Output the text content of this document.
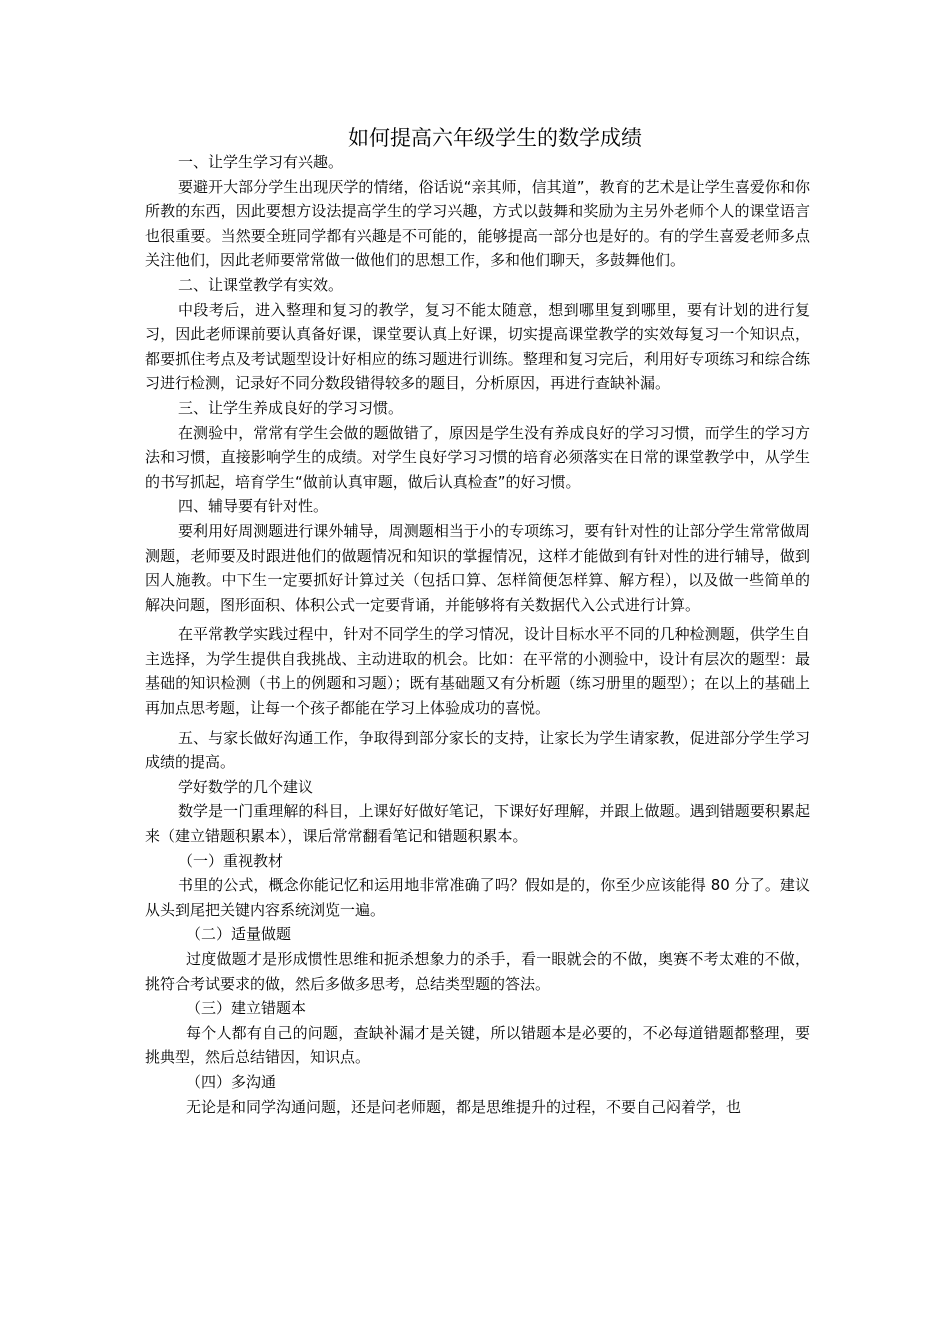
如何提高六年级学生的数学成绩

一、让学生学习有兴趣。

要避开大部分学生出现厌学的情绪，俗话说“亲其师，信其道”，教育的艺术是让学生喜爱你和你所教的东西，因此要想方设法提高学生的学习兴趣，方式以鼓舞和奖励为主另外老师个人的课堂语言也很重要。当然要全班同学都有兴趣是不可能的，能够提高一部分也是好的。有的学生喜爱老师多点关注他们，因此老师要常常做一做他们的思想工作，多和他们聊天，多鼓舞他们。

二、让课堂教学有实效。

中段考后，进入整理和复习的教学，复习不能太随意，想到哪里复到哪里，要有计划的进行复习，因此老师课前要认真备好课，课堂要认真上好课，切实提高课堂教学的实效每复习一个知识点，都要抓住考点及考试题型设计好相应的练习题进行训练。整理和复习完后，利用好专项练习和综合练习进行检测，记录好不同分数段错得较多的题目，分析原因，再进行查缺补漏。

三、让学生养成良好的学习习惯。

在测验中，常常有学生会做的题做错了，原因是学生没有养成良好的学习习惯，而学生的学习方法和习惯，直接影响学生的成绩。对学生良好学习习惯的培育必须落实在日常的课堂教学中，从学生的书写抓起，培育学生“做前认真审题，做后认真检查”的好习惯。

四、辅导要有针对性。

要利用好周测题进行课外辅导，周测题相当于小的专项练习，要有针对性的让部分学生常常做周测题，老师要及时跟进他们的做题情况和知识的掌握情况，这样才能做到有针对性的进行辅导，做到因人施教。中下生一定要抓好计算过关（包括口算、怎样简便怎样算、解方程），以及做一些简单的解决问题，图形面积、体积公式一定要背诵，并能够将有关数据代入公式进行计算。

在平常教学实践过程中，针对不同学生的学习情况，设计目标水平不同的几种检测题，供学生自主选择，为学生提供自我挑战、主动进取的机会。比如：在平常的小测验中，设计有层次的题型：最基础的知识检测（书上的例题和习题）；既有基础题又有分析题（练习册里的题型）；在以上的基础上再加点思考题，让每一个孩子都能在学习上体验成功的喜悦。

五、与家长做好沟通工作，争取得到部分家长的支持，让家长为学生请家教，促进部分学生学习成绩的提高。

学好数学的几个建议

数学是一门重理解的科目，上课好好做好笔记，下课好好理解，并跟上做题。遇到错题要积累起来（建立错题积累本），课后常常翻看笔记和错题积累本。

（一）重视教材

书里的公式，概念你能记忆和运用地非常准确了吗？假如是的，你至少应该能得 80 分了。建议从头到尾把关键内容系统浏览一遍。

（二）适量做题

过度做题才是形成惯性思维和扼杀想象力的杀手，看一眼就会的不做，奥赛不考太难的不做，挑符合考试要求的做，然后多做多思考，总结类型题的答法。

（三）建立错题本

每个人都有自己的问题，查缺补漏才是关键，所以错题本是必要的，不必每道错题都整理，要挑典型，然后总结错因，知识点。

（四）多沟通

无论是和同学沟通问题，还是问老师题，都是思维提升的过程，不要自己闷着学，也
